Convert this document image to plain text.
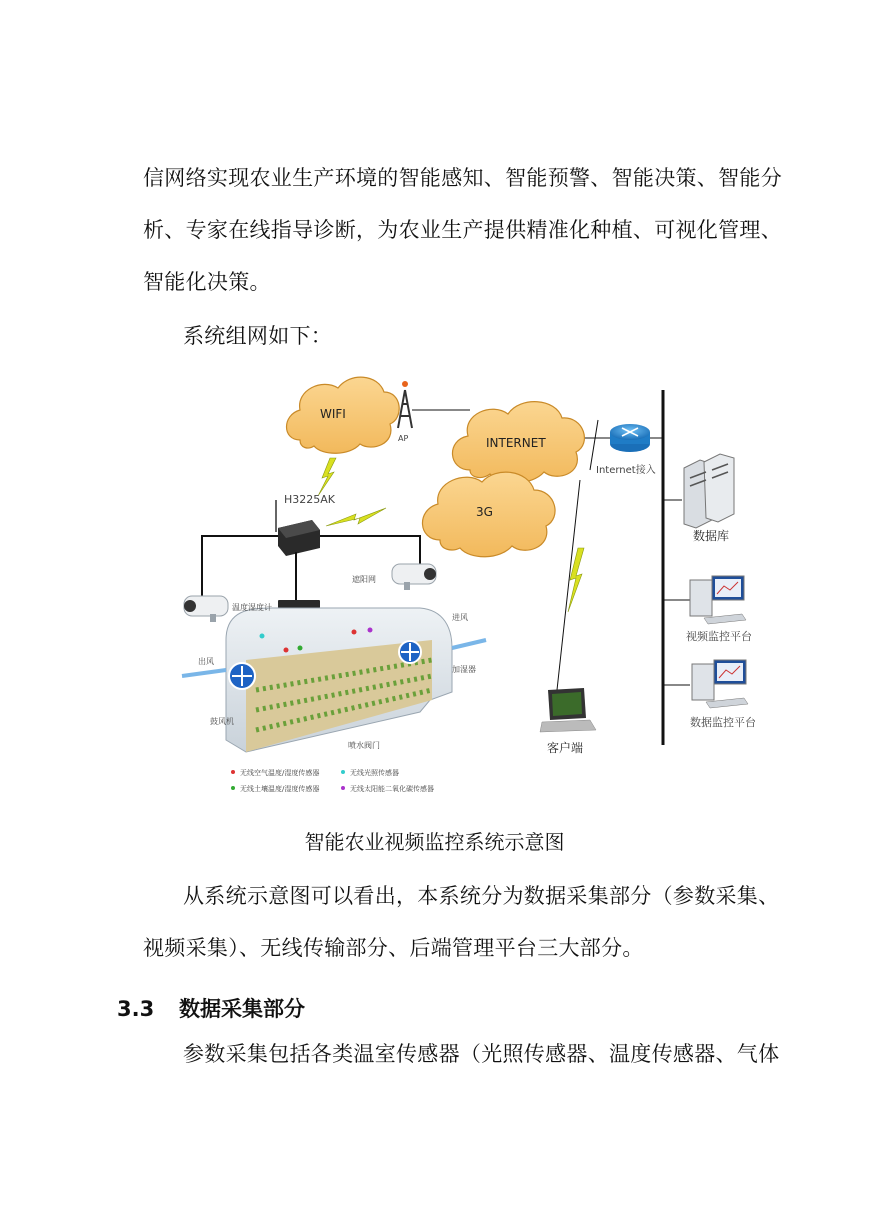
信网络实现农业生产环境的智能感知、智能预警、智能决策、智能分
析、专家在线指导诊断，为农业生产提供精准化种植、可视化管理、
智能化决策。
系统组网如下：
WIFI
AP	INTERNET
3G
Internet接入
H3225AK
温度湿度计
遮阳网
进风
加湿器
出风
鼓风机
喷水阀门
无线空气温度/湿度传感器	无线光照传感器
无线土壤温度/湿度传感器	无线太阳能二氧化碳传感器
客户端
数据库
视频监控平台
数据监控平台
智能农业视频监控系统示意图
从系统示意图可以看出，本系统分为数据采集部分（参数采集、
视频采集）、无线传输部分、后端管理平台三大部分。
3.3 数据采集部分
参数采集包括各类温室传感器（光照传感器、温度传感器、气体
